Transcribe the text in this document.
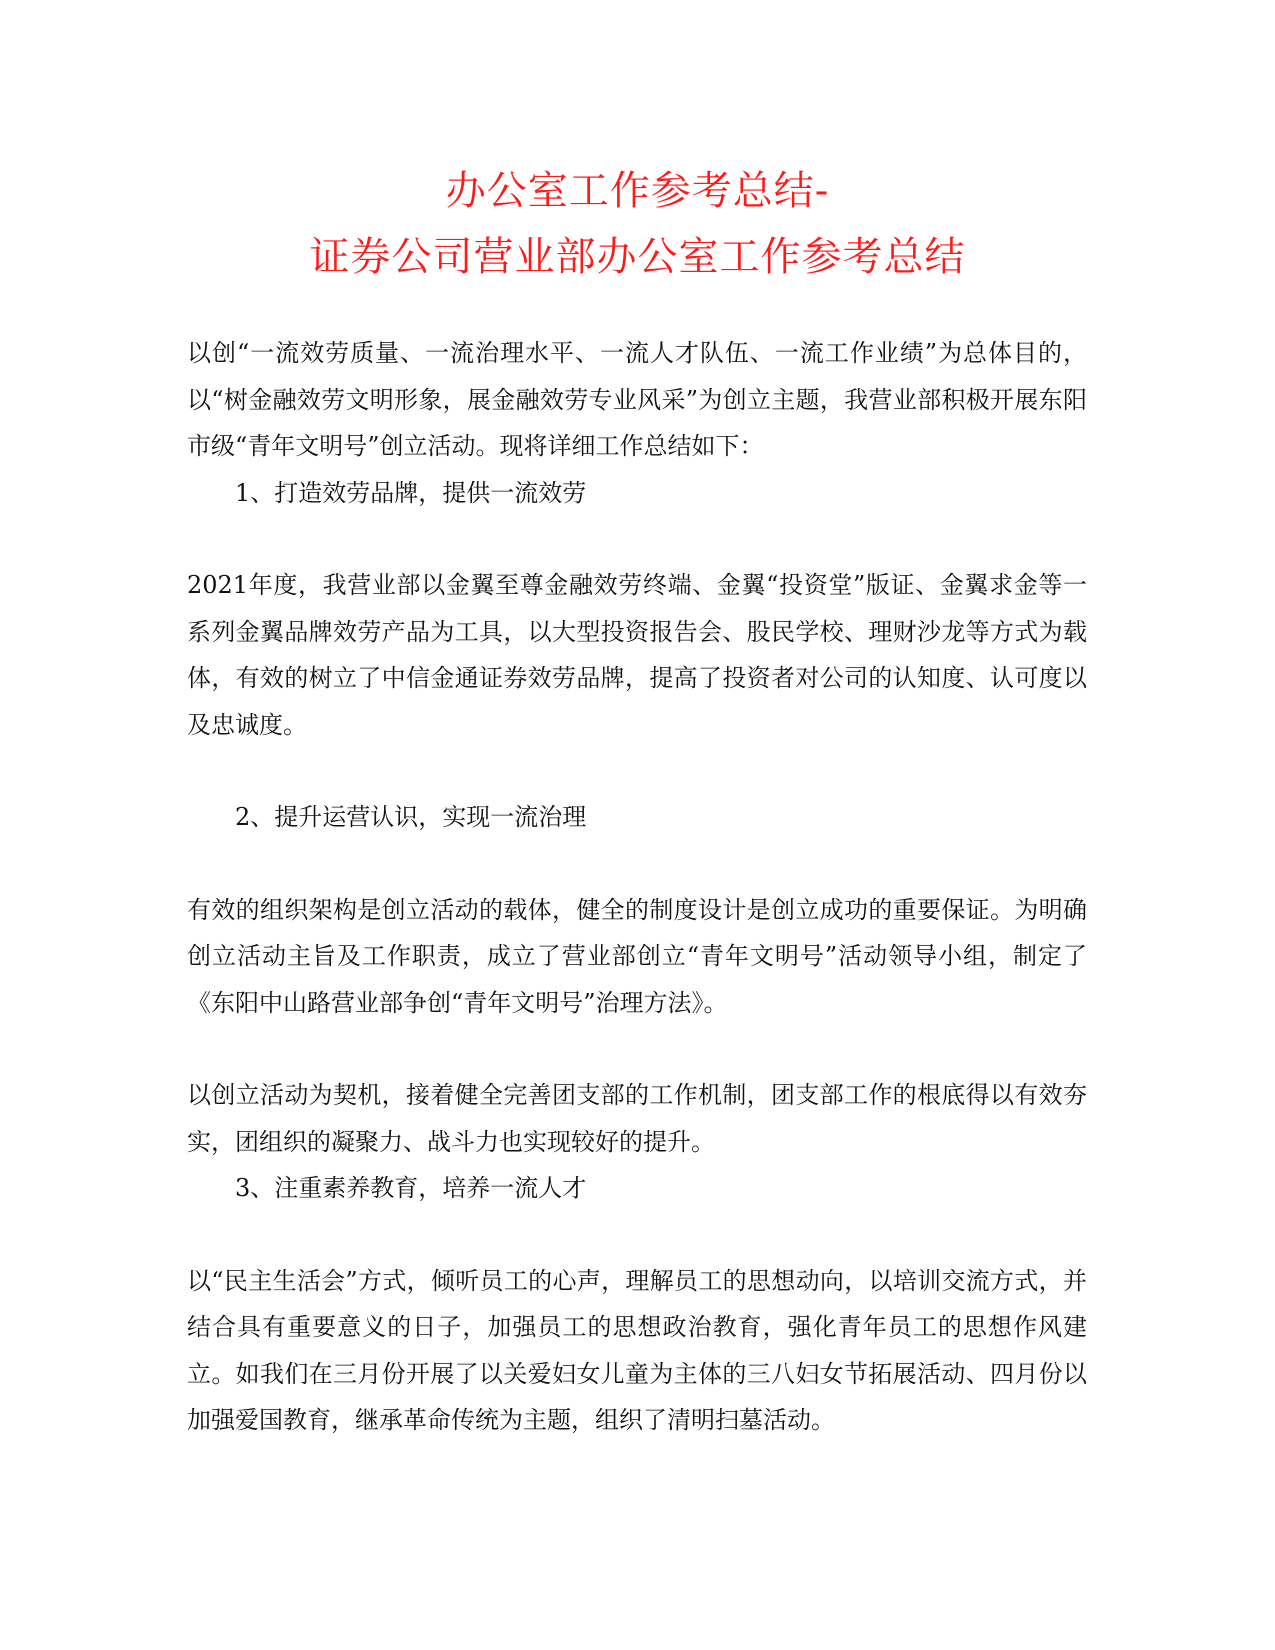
办公室工作参考总结-
证券公司营业部办公室工作参考总结

以创“一流效劳质量、一流治理水平、一流人才队伍、一流工作业绩”为总体目的，以“树金融效劳文明形象，展金融效劳专业风采”为创立主题，我营业部积极开展东阳市级“青年文明号”创立活动。现将详细工作总结如下：

1、打造效劳品牌，提供一流效劳

2021年度，我营业部以金翼至尊金融效劳终端、金翼“投资堂”版证、金翼求金等一系列金翼品牌效劳产品为工具，以大型投资报告会、股民学校、理财沙龙等方式为载体，有效的树立了中信金通证券效劳品牌，提高了投资者对公司的认知度、认可度以及忠诚度。

2、提升运营认识，实现一流治理

有效的组织架构是创立活动的载体，健全的制度设计是创立成功的重要保证。为明确创立活动主旨及工作职责，成立了营业部创立“青年文明号”活动领导小组，制定了《东阳中山路营业部争创“青年文明号”治理方法》。

以创立活动为契机，接着健全完善团支部的工作机制，团支部工作的根底得以有效夯实，团组织的凝聚力、战斗力也实现较好的提升。

3、注重素养教育，培养一流人才

以“民主生活会”方式，倾听员工的心声，理解员工的思想动向，以培训交流方式，并结合具有重要意义的日子，加强员工的思想政治教育，强化青年员工的思想作风建立。如我们在三月份开展了以关爱妇女儿童为主体的三八妇女节拓展活动、四月份以加强爱国教育，继承革命传统为主题，组织了清明扫墓活动。
